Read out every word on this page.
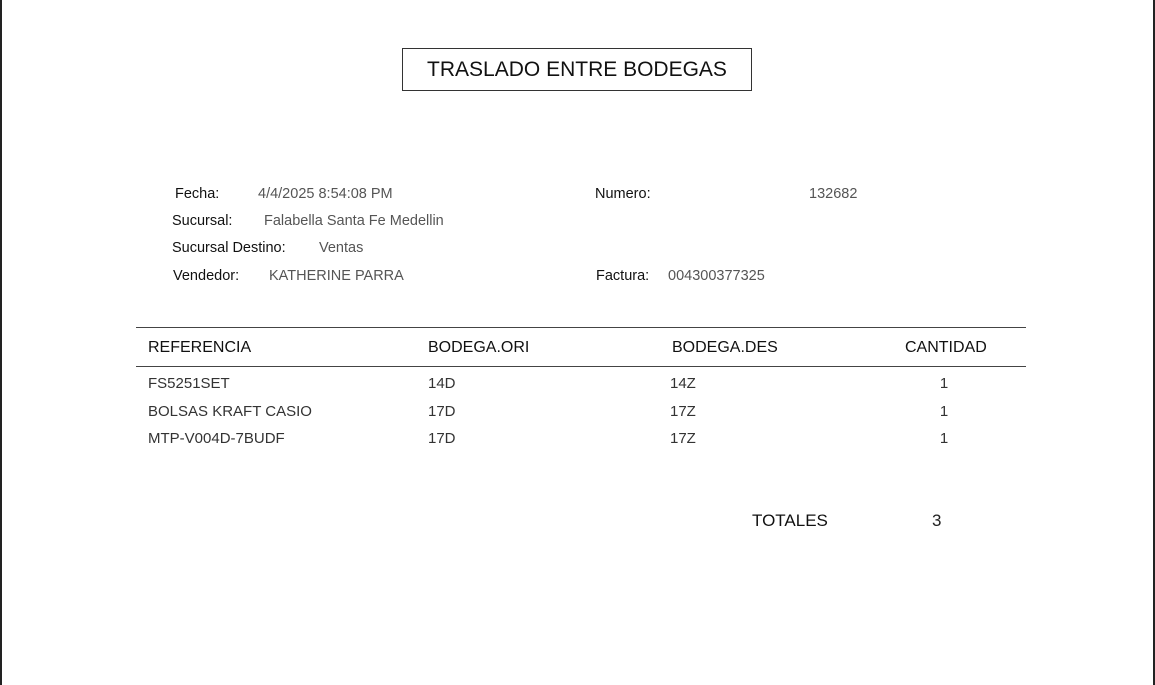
TRASLADO ENTRE BODEGAS
Fecha:	4/4/2025 8:54:08 PM
Sucursal: Falabella Santa Fe Medellin
Sucursal Destino: Ventas
Vendedor: KATHERINE PARRA
Numero:	132682
Factura: 004300377325
REFERENCIA	BODEGA.ORI	BODEGA.DES	CANTIDAD
FS5251SET	14D	14Z	1
BOLSAS KRAFT CASIO	17D	17Z	1
MTP-V004D-7BUDF	17D	17Z	1
TOTALES	3
